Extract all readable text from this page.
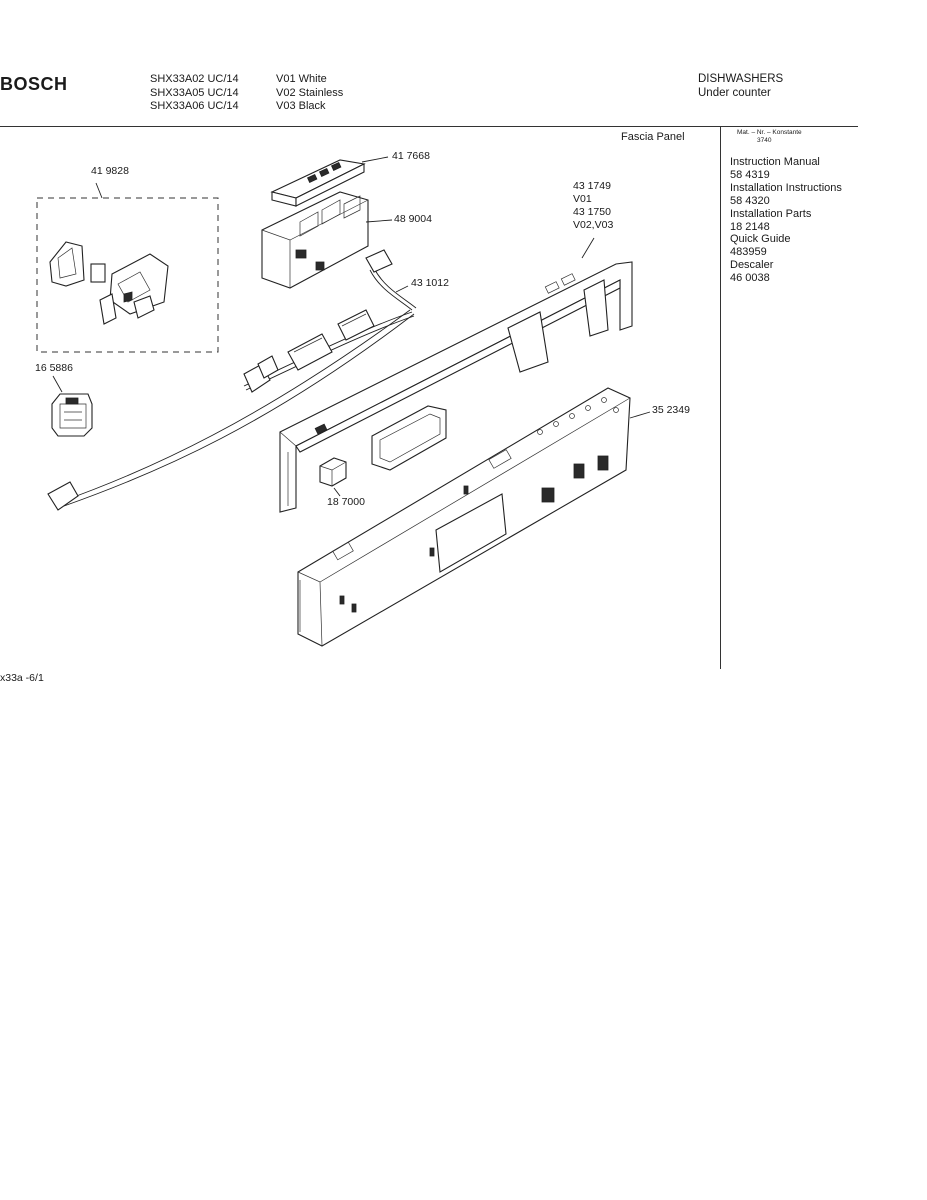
BOSCH	SHX33A02 UC/14
SHX33A05 UC/14
SHX33A06 UC/14
V01 White
V02 Stainless
V03 Black
DISHWASHERS
Under counter
Fascia Panel	Mat. – Nr. – Konstante
3740
Instruction Manual
58 4319
Installation Instructions
58 4320
Installation Parts
18 2148
Quick Guide
483959
Descaler
46 0038
41 9828
41 7668
48 9004
43 1012
16 5886
18 7000
35 2349
43 1749
V01
43 1750
V02,V03
x33a -6/1
